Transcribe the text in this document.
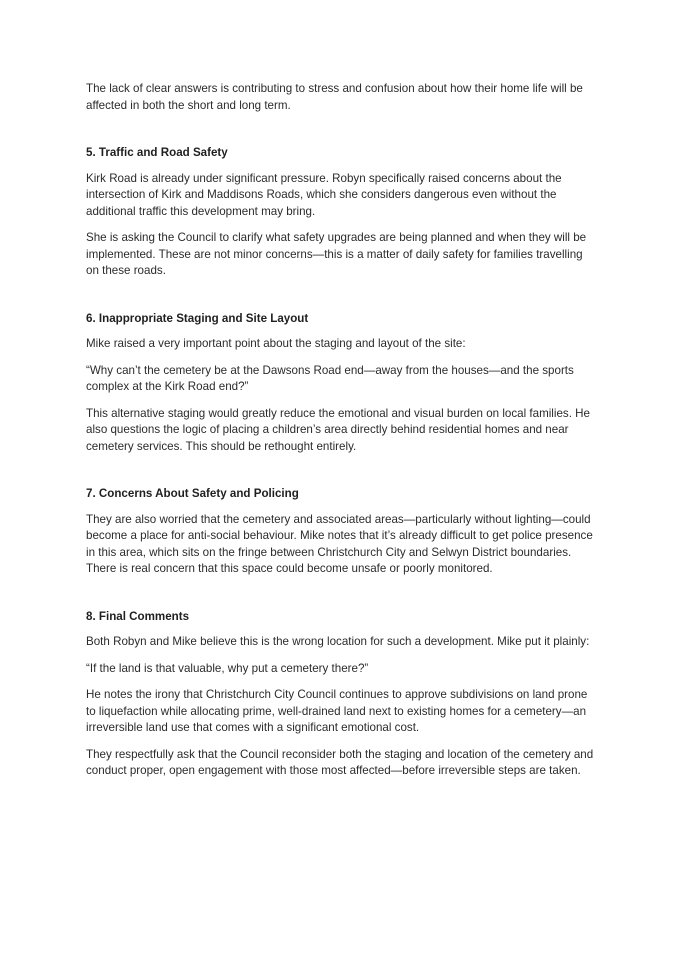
The lack of clear answers is contributing to stress and confusion about how their home life will be affected in both the short and long term.

5. Traffic and Road Safety

Kirk Road is already under significant pressure. Robyn specifically raised concerns about the intersection of Kirk and Maddisons Roads, which she considers dangerous even without the additional traffic this development may bring.

She is asking the Council to clarify what safety upgrades are being planned and when they will be implemented. These are not minor concerns—this is a matter of daily safety for families travelling on these roads.

6. Inappropriate Staging and Site Layout

Mike raised a very important point about the staging and layout of the site:

“Why can’t the cemetery be at the Dawsons Road end—away from the houses—and the sports complex at the Kirk Road end?”

This alternative staging would greatly reduce the emotional and visual burden on local families. He also questions the logic of placing a children’s area directly behind residential homes and near cemetery services. This should be rethought entirely.

7. Concerns About Safety and Policing

They are also worried that the cemetery and associated areas—particularly without lighting—could become a place for anti-social behaviour. Mike notes that it’s already difficult to get police presence in this area, which sits on the fringe between Christchurch City and Selwyn District boundaries. There is real concern that this space could become unsafe or poorly monitored.

8. Final Comments

Both Robyn and Mike believe this is the wrong location for such a development. Mike put it plainly:

“If the land is that valuable, why put a cemetery there?”

He notes the irony that Christchurch City Council continues to approve subdivisions on land prone to liquefaction while allocating prime, well-drained land next to existing homes for a cemetery—an irreversible land use that comes with a significant emotional cost.

They respectfully ask that the Council reconsider both the staging and location of the cemetery and conduct proper, open engagement with those most affected—before irreversible steps are taken.
